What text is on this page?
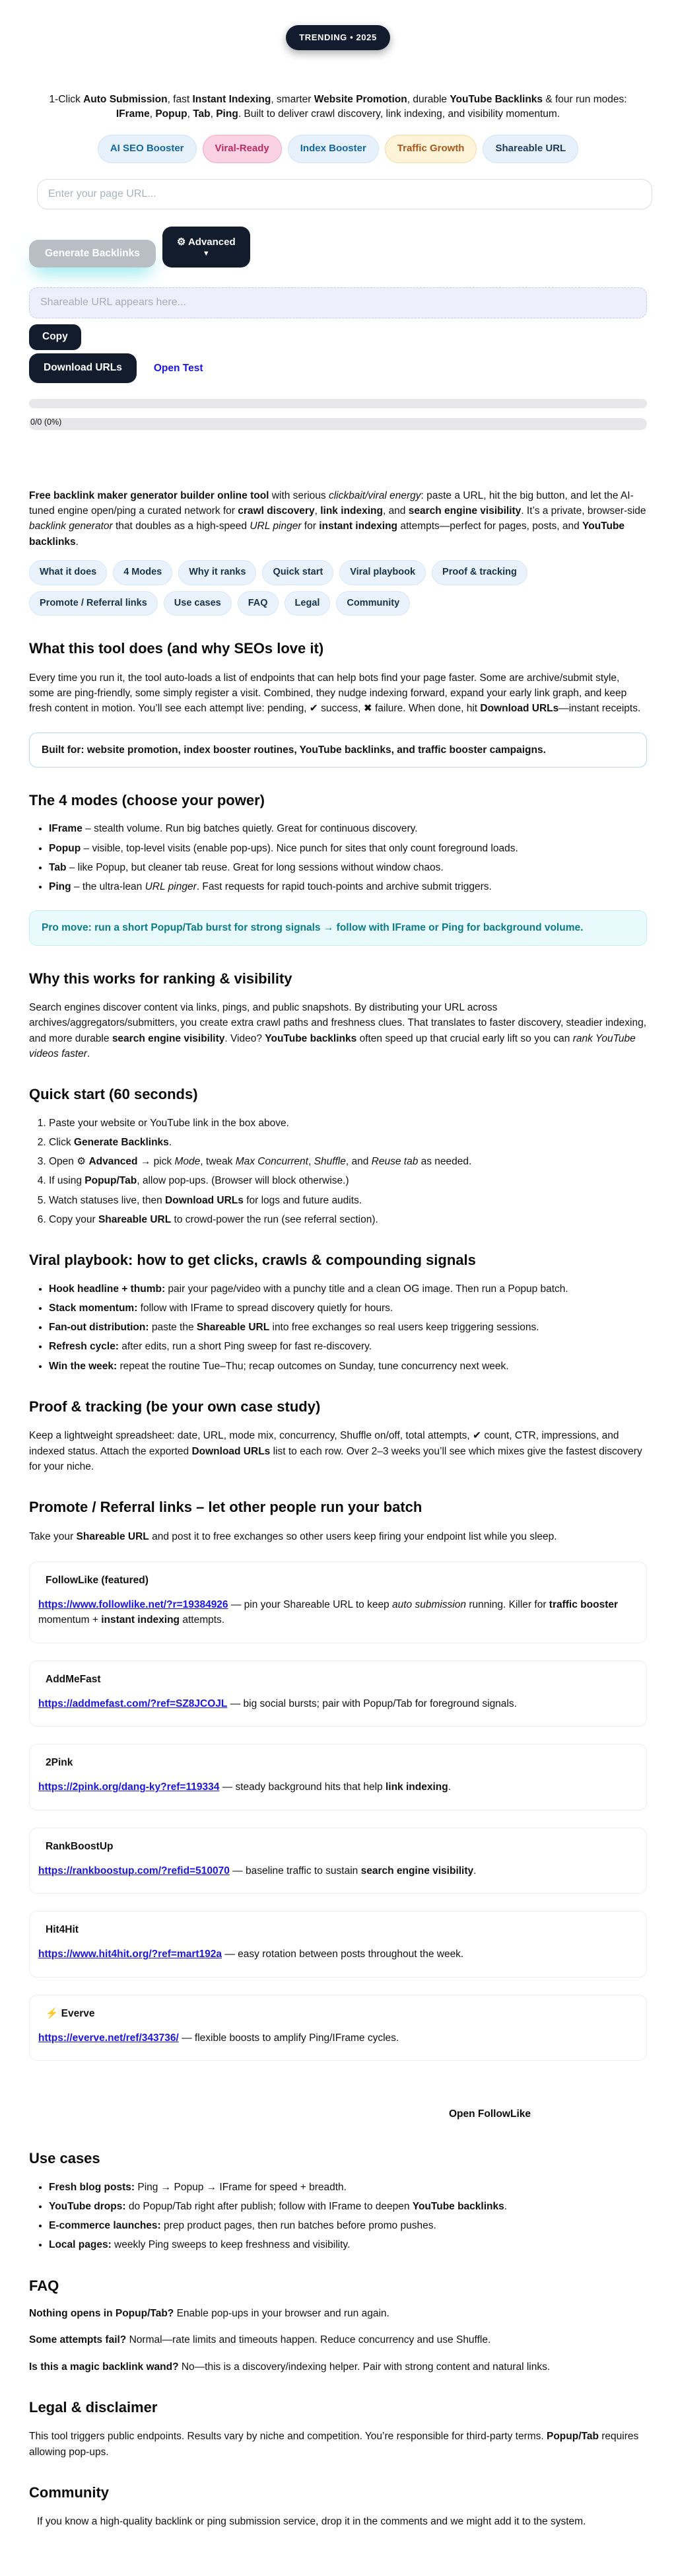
TRENDING • 2025

1-Click Auto Submission, fast Instant Indexing, smarter Website Promotion, durable YouTube Backlinks & four run modes: IFrame, Popup, Tab, Ping. Built to deliver crawl discovery, link indexing, and visibility momentum.

AI SEO Booster	Viral-Ready	Index Booster	Traffic Growth	Shareable URL
Enter your page URL...
Generate Backlinks
⚙ Advanced
▼
Shareable URL appears here... Copy
Download URLs	Open Test
0/0 (0%)

Free backlink maker generator builder online tool with serious clickbait/viral energy: paste a URL, hit the big button, and let the AI-tuned engine open/ping a curated network for crawl discovery, link indexing, and search engine visibility. It’s a private, browser-side backlink generator that doubles as a high-speed URL pinger for instant indexing attempts—perfect for pages, posts, and YouTube backlinks.

What it does	4 Modes	Why it ranks	Quick start	Viral playbook	Proof & tracking
Promote / Referral links	Use cases	FAQ	Legal	Community
What this tool does (and why SEOs love it)

Every time you run it, the tool auto-loads a list of endpoints that can help bots find your page faster. Some are archive/submit style, some are ping-friendly, some simply register a visit. Combined, they nudge indexing forward, expand your early link graph, and keep fresh content in motion. You’ll see each attempt live: pending, ✔ success, ✖ failure. When done, hit Download URLs—instant receipts.

Built for: website promotion, index booster routines, YouTube backlinks, and traffic booster campaigns.
The 4 modes (choose your power)
• IFrame – stealth volume. Run big batches quietly. Great for continuous discovery.
• Popup – visible, top-level visits (enable pop-ups). Nice punch for sites that only count foreground loads.
• Tab – like Popup, but cleaner tab reuse. Great for long sessions without window chaos.
• Ping – the ultra-lean URL pinger. Fast requests for rapid touch-points and archive submit triggers.
Pro move: run a short Popup/Tab burst for strong signals → follow with IFrame or Ping for background volume.
Why this works for ranking & visibility

Search engines discover content via links, pings, and public snapshots. By distributing your URL across archives/aggregators/submitters, you create extra crawl paths and freshness clues. That translates to faster discovery, steadier indexing, and more durable search engine visibility. Video? YouTube backlinks often speed up that crucial early lift so you can rank YouTube videos faster.

Quick start (60 seconds)
1. Paste your website or YouTube link in the box above.
2. Click Generate Backlinks.
3. Open ⚙ Advanced → pick Mode, tweak Max Concurrent, Shuffle, and Reuse tab as needed.
4. If using Popup/Tab, allow pop-ups. (Browser will block otherwise.)
5. Watch statuses live, then Download URLs for logs and future audits.
6. Copy your Shareable URL to crowd-power the run (see referral section).
Viral playbook: how to get clicks, crawls & compounding signals
• Hook headline + thumb: pair your page/video with a punchy title and a clean OG image. Then run a Popup batch.
• Stack momentum: follow with IFrame to spread discovery quietly for hours.
• Fan-out distribution: paste the Shareable URL into free exchanges so real users keep triggering sessions.
• Refresh cycle: after edits, run a short Ping sweep for fast re-discovery.
• Win the week: repeat the routine Tue–Thu; recap outcomes on Sunday, tune concurrency next week.
Proof & tracking (be your own case study)

Keep a lightweight spreadsheet: date, URL, mode mix, concurrency, Shuffle on/off, total attempts, ✔ count, CTR, impressions, and indexed status. Attach the exported Download URLs list to each row. Over 2–3 weeks you’ll see which mixes give the fastest discovery for your niche.

Promote / Referral links – let other people run your batch

Take your Shareable URL and post it to free exchanges so other users keep firing your endpoint list while you sleep.

FollowLike (featured)

https://www.followlike.net/?r=19384926 — pin your Shareable URL to keep auto submission running. Killer for traffic booster momentum + instant indexing attempts.

AddMeFast

https://addmefast.com/?ref=SZ8JCOJL — big social bursts; pair with Popup/Tab for foreground signals.

2Pink

https://2pink.org/dang-ky?ref=119334 — steady background hits that help link indexing.

RankBoostUp

https://rankboostup.com/?refid=510070 — baseline traffic to sustain search engine visibility.

Hit4Hit

https://www.hit4hit.org/?ref=mart192a — easy rotation between posts throughout the week.

⚡ Everve

https://everve.net/ref/343736/ — flexible boosts to amplify Ping/IFrame cycles.

Open FollowLike
Use cases
• Fresh blog posts: Ping → Popup → IFrame for speed + breadth.
• YouTube drops: do Popup/Tab right after publish; follow with IFrame to deepen YouTube backlinks.
• E-commerce launches: prep product pages, then run batches before promo pushes.
• Local pages: weekly Ping sweeps to keep freshness and visibility.
FAQ

Nothing opens in Popup/Tab? Enable pop-ups in your browser and run again.

Some attempts fail? Normal—rate limits and timeouts happen. Reduce concurrency and use Shuffle.

Is this a magic backlink wand? No—this is a discovery/indexing helper. Pair with strong content and natural links.

Legal & disclaimer

This tool triggers public endpoints. Results vary by niche and competition. You’re responsible for third-party terms. Popup/Tab requires allowing pop-ups.

Community

If you know a high-quality backlink or ping submission service, drop it in the comments and we might add it to the system.
